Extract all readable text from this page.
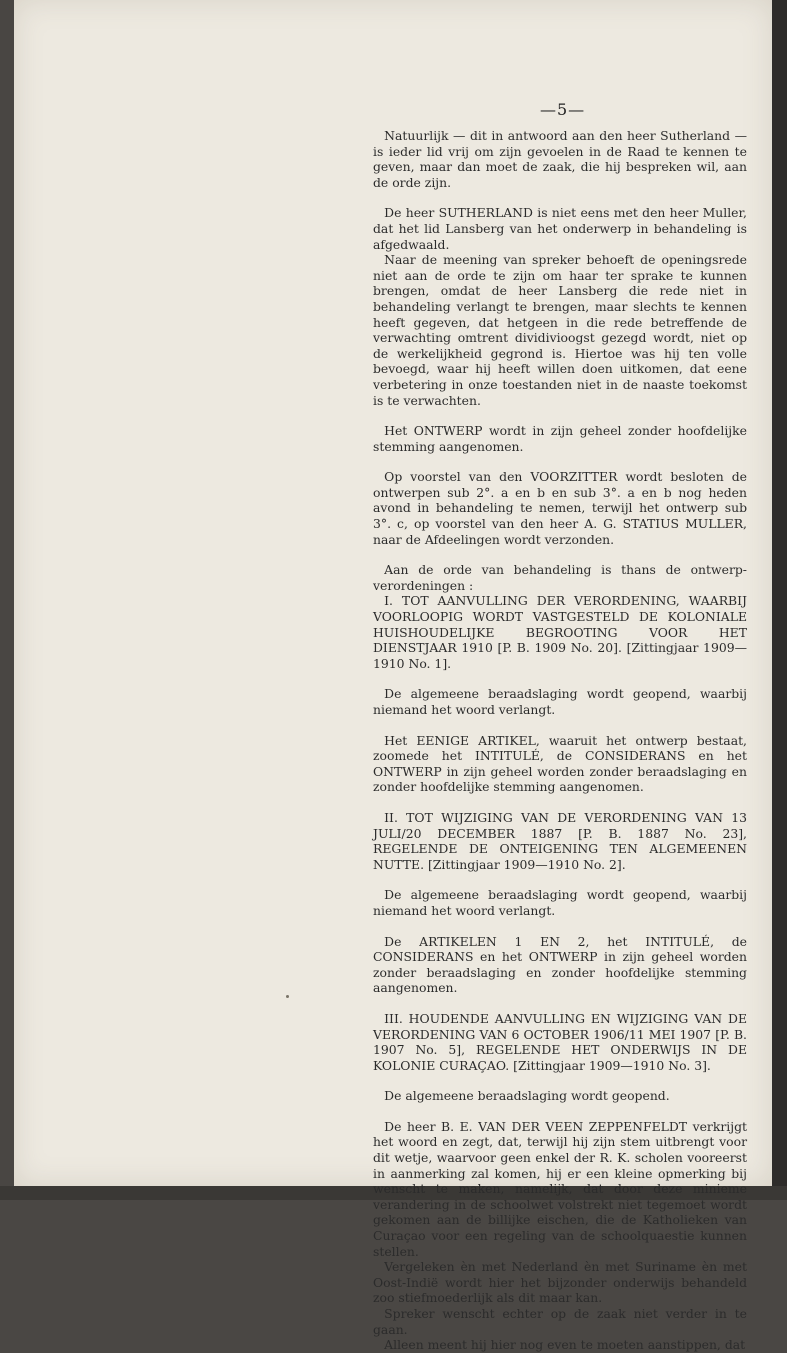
—5—

Natuurlijk — dit in antwoord aan den heer Sutherland — is ieder lid vrij om zijn gevoelen in de Raad te kennen te geven, maar dan moet de zaak, die hij bespreken wil, aan de orde zijn.

De heer SUTHERLAND is niet eens met den heer Muller, dat het lid Lansberg van het onderwerp in behandeling is afgedwaald.

Naar de meening van spreker behoeft de openingsrede niet aan de orde te zijn om haar ter sprake te kunnen brengen, omdat de heer Lansberg die rede niet in behandeling verlangt te brengen, maar slechts te kennen heeft gegeven, dat hetgeen in die rede betreffende de verwachting omtrent dividivioogst gezegd wordt, niet op de werkelijkheid gegrond is. Hiertoe was hij ten volle bevoegd, waar hij heeft willen doen uitkomen, dat eene verbetering in onze toestanden niet in de naaste toekomst is te verwachten.

Het ONTWERP wordt in zijn geheel zonder hoofdelijke stemming aangenomen.

Op voorstel van den VOORZITTER wordt besloten de ontwerpen sub 2°. a en b en sub 3°. a en b nog heden avond in behandeling te nemen, terwijl het ontwerp sub 3°. c, op voorstel van den heer A. G. STATIUS MULLER, naar de Afdeelingen wordt verzonden.

Aan de orde van behandeling is thans de ontwerp-verordeningen :

I. TOT AANVULLING DER VERORDENING, WAARBIJ VOORLOOPIG WORDT VASTGESTELD DE KOLONIALE HUISHOUDELIJKE BEGROOTING VOOR HET DIENSTJAAR 1910 [P. B. 1909 No. 20]. [Zittingjaar 1909—1910 No. 1].

De algemeene beraadslaging wordt geopend, waarbij niemand het woord verlangt.

Het EENIGE ARTIKEL, waaruit het ontwerp bestaat, zoomede het INTITULÉ, de CONSIDERANS en het ONTWERP in zijn geheel worden zonder beraadslaging en zonder hoofdelijke stemming aangenomen.

II. TOT WIJZIGING VAN DE VERORDENING VAN 13 JULI/20 DECEMBER 1887 [P. B. 1887 No. 23], REGELENDE DE ONTEIGENING TEN ALGEMEENEN NUTTE. [Zittingjaar 1909—1910 No. 2].

De algemeene beraadslaging wordt geopend, waarbij niemand het woord verlangt.

De ARTIKELEN 1 EN 2, het INTITULÉ, de CONSIDERANS en het ONTWERP in zijn geheel worden zonder beraadslaging en zonder hoofdelijke stemming aangenomen.

III. HOUDENDE AANVULLING EN WIJZIGING VAN DE VERORDENING VAN 6 OCTOBER 1906/11 MEI 1907 [P. B. 1907 No. 5], REGELENDE HET ONDERWIJS IN DE KOLONIE CURAÇAO. [Zittingjaar 1909—1910 No. 3].

De algemeene beraadslaging wordt geopend.

De heer B. E. VAN DER VEEN ZEPPENFELDT verkrijgt het woord en zegt, dat, terwijl hij zijn stem uitbrengt voor dit wetje, waarvoor geen enkel der R. K. scholen vooreerst in aanmerking zal komen, hij er een kleine opmerking bij wenscht te maken, namelijk, dat door deze minieme verandering in de schoolwet volstrekt niet tegemoet wordt gekomen aan de billijke eischen, die de Katholieken van Curaçao voor een regeling van de schoolquaestie kunnen stellen.

Vergeleken èn met Nederland èn met Suriname èn met Oost-Indië wordt hier het bijzonder onderwijs behandeld zoo stiefmoederlijk als dit maar kan.

Spreker wenscht echter op de zaak niet verder in te gaan.

Alleen meent hij hier nog even te moeten aanstippen, dat
